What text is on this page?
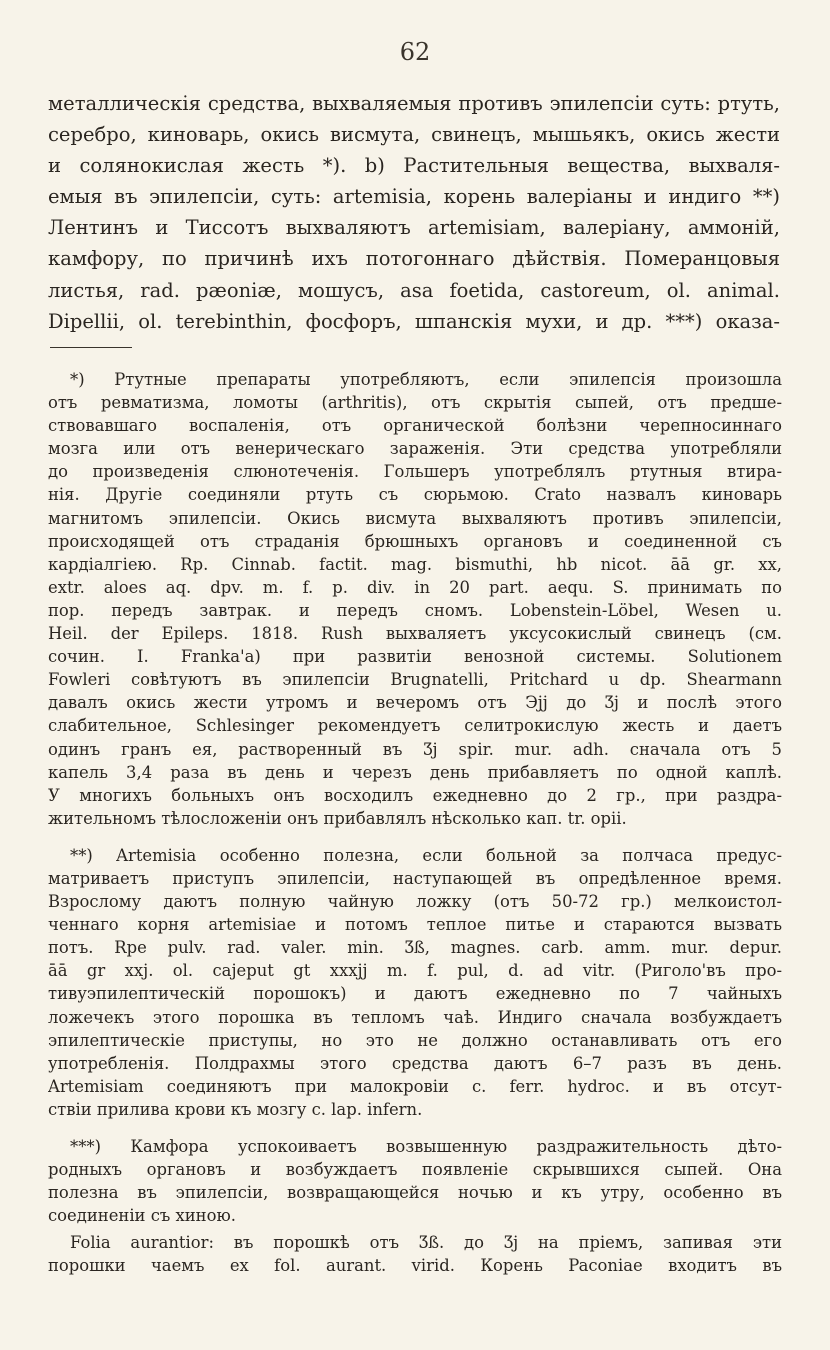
62
металлическія средства, выхваляемыя противъ эпилепсіи суть: ртуть,
серебро, киноварь, окись висмута, свинецъ, мышьякъ, окись жести
и солянокислая жесть *). b) Растительныя вещества, выхваля-
емыя въ эпилепсіи, суть: artemisia, корень валеріаны и индиго **)
Лентинъ и Тиссотъ выхваляютъ artemisiam, валеріану, аммоній,
камфору, по причинѣ ихъ потогоннаго дѣйствія. Померанцовыя
листья, rad. pæoniæ, мошусъ, asa foetida, castoreum, ol. animal.
Dipellii, ol. terebinthin, фосфоръ, шпанскія мухи, и др. ***) оказа-
*) Ртутные препараты употребляютъ, если эпилепсія произошла
отъ ревматизма, ломоты (arthritis), отъ скрытія сыпей, отъ предше-
ствовавшаго воспаленія, отъ органической болѣзни черепносиннаго
мозга или отъ венерическаго зараженія. Эти средства употребляли
до произведенія слюнотеченія. Гольшеръ употреблялъ ртутныя втира-
нія. Другіе соединяли ртуть съ сюрьмою. Crato назвалъ киноварь
магнитомъ эпилепсіи. Окись висмута выхваляютъ противъ эпилепсіи,
происходящей отъ страданія брюшныхъ органовъ и соединенной съ
кардіалгіею. Rp. Cinnab. factit. mag. bismuthi, hb nicot. āā gr. xx,
extr. aloes aq. dpv. m. f. p. div. in 20 part. aequ. S. принимать по
пор. передъ завтрак. и передъ сномъ. Lobenstein-Löbel, Wesen u.
Heil. der Epileps. 1818. Rush выхваляетъ уксусокислый свинецъ (см.
сочин. I. Franka'a) при развитіи венозной системы. Solutionem
Fowleri совѣтуютъ въ эпилепсіи Brugnatelli, Pritchard u dp. Shearmann
давалъ окись жести утромъ и вечеромъ отъ Эjj до Ʒj и послѣ этого
слабительное, Schlesinger рекомендуетъ селитрокислую жесть и даетъ
одинъ гранъ ея, растворенный въ Ʒj spir. mur. adh. сначала отъ 5
капель 3,4 раза въ день и черезъ день прибавляетъ по одной каплѣ.
У многихъ больныхъ онъ восходилъ ежедневно до 2 гр., при раздра-
жительномъ тѣлосложеніи онъ прибавлялъ нѣсколько кап. tr. opii.
**) Artemisia особенно полезна, если больной за полчаса предус-
матриваетъ приступъ эпилепсіи, наступающей въ опредѣленное время.
Взрослому даютъ полную чайную ложку (отъ 50-72 гр.) мелкоистол-
ченнаго корня artemisiae и потомъ теплое питье и стараются вызвать
потъ. Rpe pulv. rad. valer. min. Ʒß, magnes. carb. amm. mur. depur.
āā gr xxj. ol. cajeput gt xxxjj m. f. pul, d. ad vitr. (Риголо'въ про-
тивуэпилептическій порошокъ) и даютъ ежедневно по 7 чайныхъ
ложечекъ этого порошка въ тепломъ чаѣ. Индиго сначала возбуждаетъ
эпилептическіе приступы, но это не должно останавливать отъ его
употребленія. Полдрахмы этого средства даютъ 6–7 разъ въ день.
Artemisiam соединяютъ при малокровіи с. ferr. hydroc. и въ отсут-
ствіи прилива крови къ мозгу с. lap. infern.
***) Камфора успокоиваетъ возвышенную раздражительность дѣто-
родныхъ органовъ и возбуждаетъ появленіе скрывшихся сыпей. Она
полезна въ эпилепсіи, возвращающейся ночью и къ утру, особенно въ
соединеніи съ хиною.
Folia aurantior: въ порошкѣ отъ Ʒß. до Ʒj на пріемъ, запивая эти
порошки чаемъ ex fol. aurant. virid. Корень Paconiae входитъ въ
